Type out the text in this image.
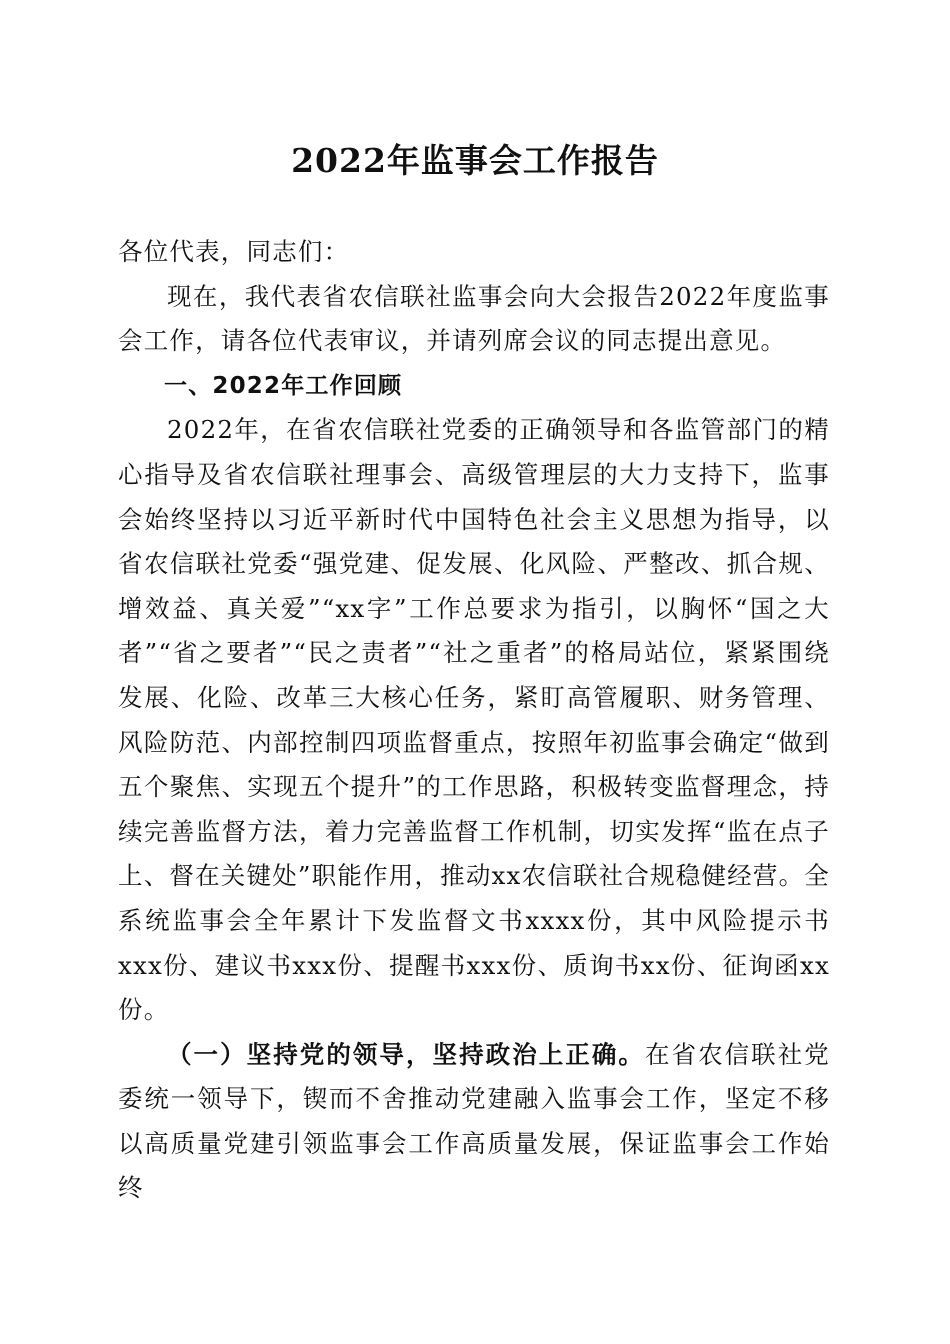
2022年监事会工作报告

各位代表，同志们：

现在，我代表省农信联社监事会向大会报告2022年度监事会工作，请各位代表审议，并请列席会议的同志提出意见。

一、2022年工作回顾

2022年，在省农信联社党委的正确领导和各监管部门的精心指导及省农信联社理事会、高级管理层的大力支持下，监事会始终坚持以习近平新时代中国特色社会主义思想为指导，以省农信联社党委“强党建、促发展、化风险、严整改、抓合规、增效益、真关爱”“xx字”工作总要求为指引，以胸怀“国之大者”“省之要者”“民之责者”“社之重者”的格局站位，紧紧围绕发展、化险、改革三大核心任务，紧盯高管履职、财务管理、风险防范、内部控制四项监督重点，按照年初监事会确定“做到五个聚焦、实现五个提升”的工作思路，积极转变监督理念，持续完善监督方法，着力完善监督工作机制，切实发挥“监在点子上、督在关键处”职能作用，推动xx农信联社合规稳健经营。全系统监事会全年累计下发监督文书xxxx份，其中风险提示书xxx份、建议书xxx份、提醒书xxx份、质询书xx份、征询函xx份。

（一）坚持党的领导，坚持政治上正确。在省农信联社党委统一领导下，锲而不舍推动党建融入监事会工作，坚定不移以高质量党建引领监事会工作高质量发展，保证监事会工作始终
